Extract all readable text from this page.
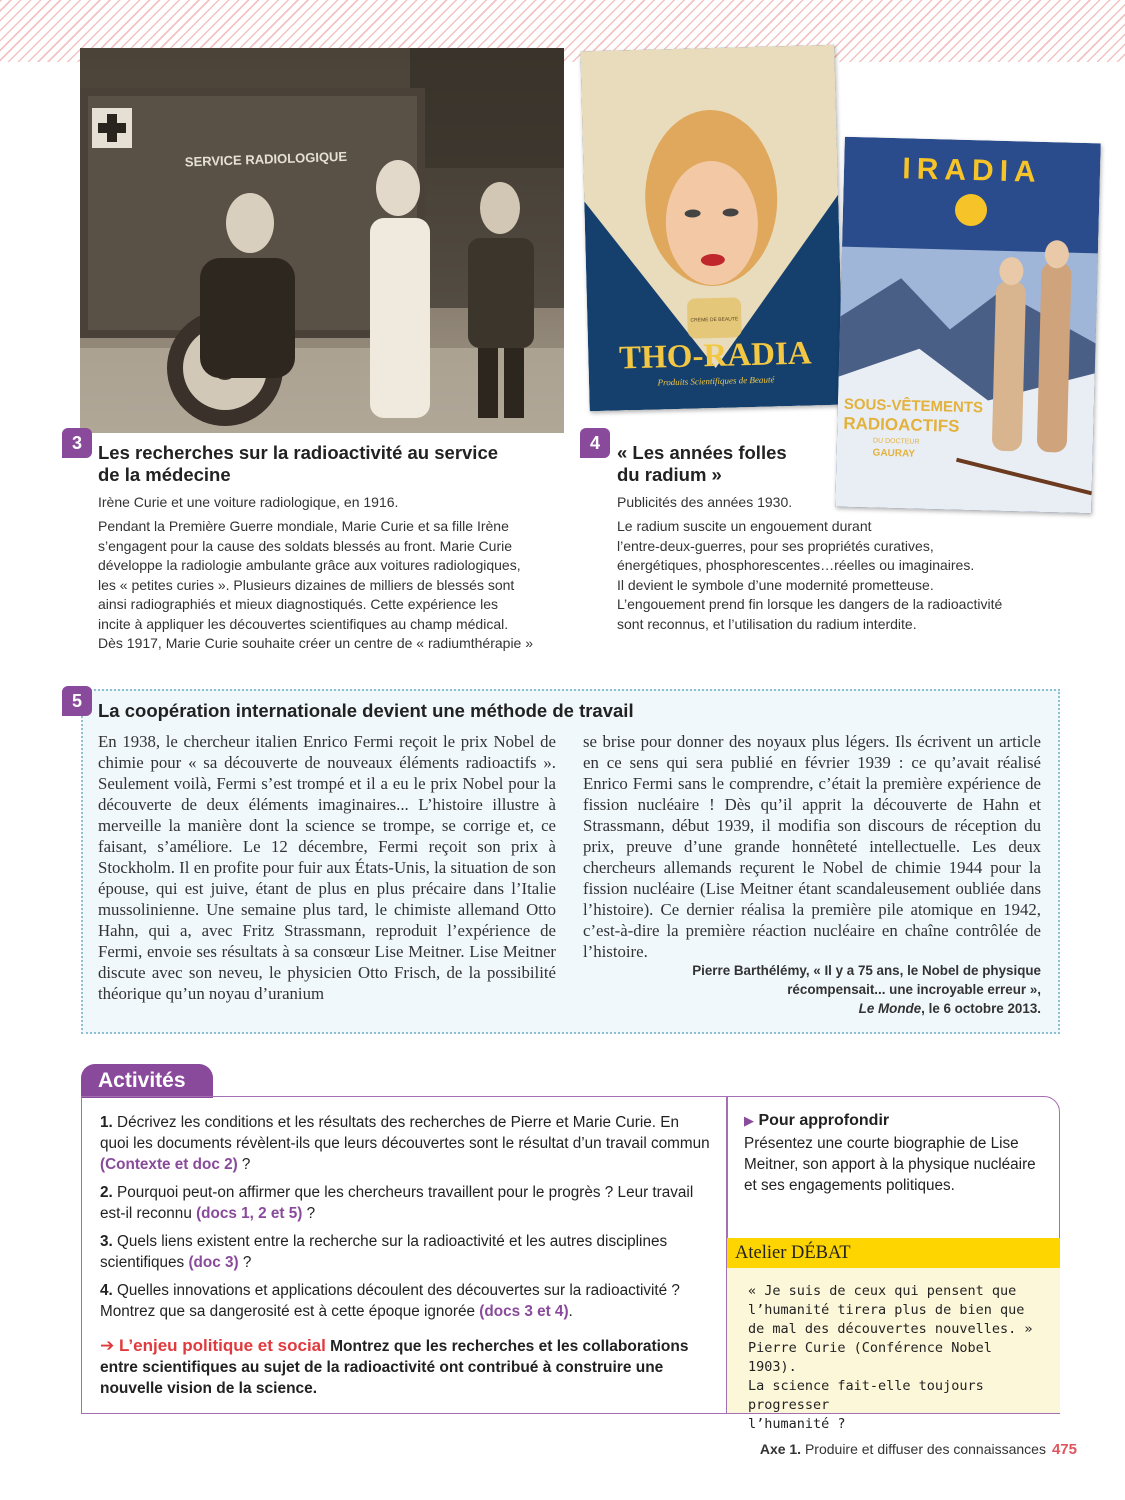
SERVICE RADIOLOGIQUE
CREME DE BEAUTE
THO-RADIA
Produits Scientifiques de Beauté
IRADIA
SOUS-VÊTEMENTS
RADIOACTIFS
DU DOCTEUR
GAURAY
3 Les recherches sur la radioactivité au service
de la médecine
Irène Curie et une voiture radiologique, en 1916.

Pendant la Première Guerre mondiale, Marie Curie et sa fille Irène

s’engagent pour la cause des soldats blessés au front. Marie Curie

développe la radiologie ambulante grâce aux voitures radiologiques,

les « petites curies ». Plusieurs dizaines de milliers de blessés sont

ainsi radiographiés et mieux diagnostiqués. Cette expérience les

incite à appliquer les découvertes scientifiques au champ médical.

Dès 1917, Marie Curie souhaite créer un centre de « radiumthérapie »

4 « Les années folles
du radium »
Publicités des années 1930.

Le radium suscite un engouement durant

l’entre-deux-guerres, pour ses propriétés curatives,

énergétiques, phosphorescentes…réelles ou imaginaires.

Il devient le symbole d’une modernité prometteuse.

L’engouement prend fin lorsque les dangers de la radioactivité

sont reconnus, et l’utilisation du radium interdite.

5 La coopération internationale devient une méthode de travail
En 1938, le chercheur italien Enrico Fermi reçoit le prix Nobel de chimie pour « sa découverte de nouveaux éléments radioactifs ». Seulement voilà, Fermi s’est trompé et il a eu le prix Nobel pour la découverte de deux éléments imaginaires... L’histoire illustre à merveille la manière dont la science se trompe, se corrige et, ce faisant, s’améliore. Le 12 décembre, Fermi reçoit son prix à Stockholm. Il en profite pour fuir aux États-Unis, la situation de son épouse, qui est juive, étant de plus en plus précaire dans l’Italie mussolinienne. Une semaine plus tard, le chimiste allemand Otto Hahn, qui a, avec Fritz Strassmann, reproduit l’expérience de Fermi, envoie ses résultats à sa consœur Lise Meitner. Lise Meitner discute avec son neveu, le physicien Otto Frisch, de la possibilité théorique qu’un noyau d’uranium
se brise pour donner des noyaux plus légers. Ils écrivent un article en ce sens qui sera publié en février 1939 : ce qu’avait réalisé Enrico Fermi sans le comprendre, c’était la première expérience de fission nucléaire ! Dès qu’il apprit la découverte de Hahn et Strassmann, début 1939, il modifia son discours de réception du prix, preuve d’une grande honnêteté intellectuelle. Les deux chercheurs allemands reçurent le Nobel de chimie 1944 pour la fission nucléaire (Lise Meitner étant scandaleusement oubliée dans l’histoire). Ce dernier réalisa la première pile atomique en 1942, c’est-à-dire la première réaction nucléaire en chaîne contrôlée de l’histoire.
Pierre Barthélémy, « Il y a 75 ans, le Nobel de physique
récompensait... une incroyable erreur »,
Le Monde, le 6 octobre 2013.
Activités
1. Décrivez les conditions et les résultats des recherches de Pierre et Marie Curie. En quoi les documents révèlent-ils que leurs découvertes sont le résultat d’un travail commun (Contexte et doc 2) ?
2. Pourquoi peut-on affirmer que les chercheurs travaillent pour le progrès ? Leur travail est-il reconnu (docs 1, 2 et 5) ?
3. Quels liens existent entre la recherche sur la radioactivité et les autres disciplines scientifiques (doc 3) ?
4. Quelles innovations et applications découlent des découvertes sur la radioactivité ? Montrez que sa dangerosité est à cette époque ignorée (docs 3 et 4).
➔ L’enjeu politique et social Montrez que les recherches et les collaborations entre scientifiques au sujet de la radioactivité ont contribué à construire une nouvelle vision de la science.
▶ Pour approfondir
Présentez une courte biographie de Lise Meitner, son apport à la physique nucléaire et ses engagements politiques.
Atelier DÉBAT
« Je suis de ceux qui pensent que
l’humanité tirera plus de bien que
de mal des découvertes nouvelles. »
Pierre Curie (Conférence Nobel 1903).
La science fait-elle toujours progresser
l’humanité ?
Axe 1. Produire et diffuser des connaissances 475
